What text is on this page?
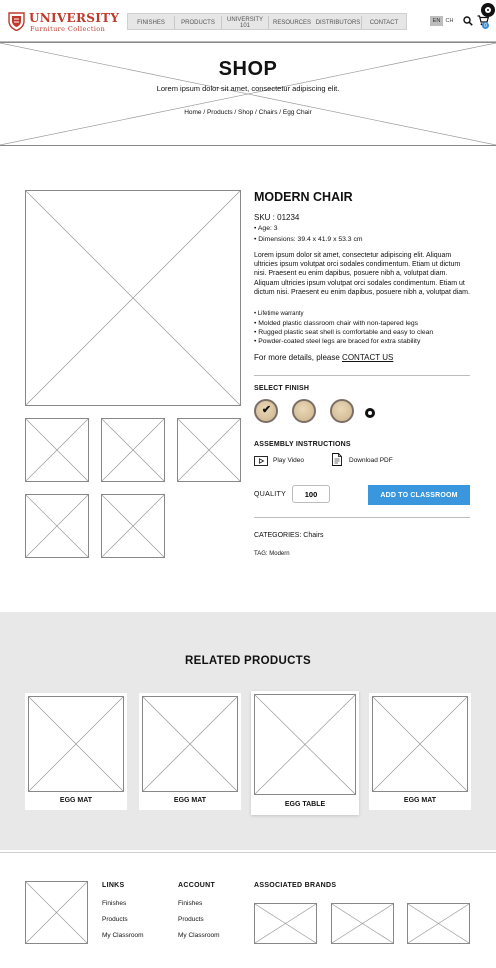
UNIVERSITY
Furniture Collection
FINISHES	PRODUCTS	UNIVERSITY 101	RESOURCES DISTRIBUTORS	CONTACT	EN CH
0
SHOP
Lorem ipsum dolor sit amet, consectetur adipiscing elit.
Home / Products / Shop / Chairs / Egg Chair
MODERN CHAIR
SKU : 01234
• Age: 3
• Dimensions: 39.4 x 41.9 x 53.3 cm
Lorem ipsum dolor sit amet, consectetur adipiscing elit. Aliquam ultricies ipsum volutpat orci sodales condimentum. Etiam ut dictum nisi. Praesent eu enim dapibus, posuere nibh a, volutpat diam. Aliquam ultricies ipsum volutpat orci sodales condimentum. Etiam ut dictum nisi. Praesent eu enim dapibus, posuere nibh a, volutpat diam.
• Lifetime warranty
• Molded plastic classroom chair with non-tapered legs
• Rugged plastic seat shell is comfortable and easy to clean
• Powder-coated steel legs are braced for extra stability
For more details, please CONTACT US
SELECT FINISH
✔
ASSEMBLY INSTRUCTIONS
Play Video	Download PDF
QUALITY
100	ADD TO CLASSROOM
CATEGORIES: Chairs
TAG: Modern
RELATED PRODUCTS
EGG MAT	EGG MAT
EGG TABLE
EGG MAT
LINKS
Finishes
Products
My Classroom
ACCOUNT
Finishes
Products
My Classroom
ASSOCIATED BRANDS
